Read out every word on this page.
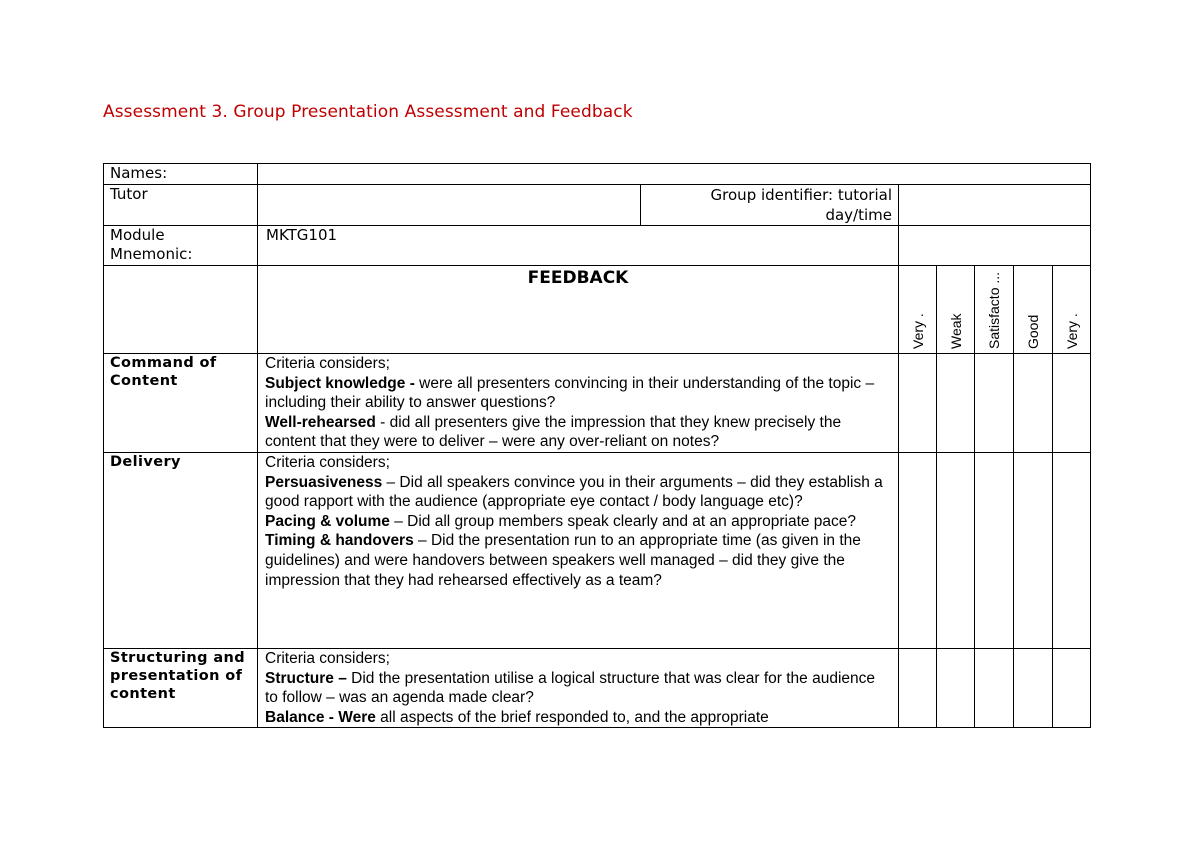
Assessment 3. Group Presentation Assessment and Feedback
Names:
Tutor	Group identifier: tutorial day/time
Module Mnemonic:
MKTG101
FEEDBACK
Very . Weak Satisfacto ... Good Very .
Command of Content
Criteria considers;
Subject knowledge - were all presenters convincing in their understanding of the topic – including their ability to answer questions?
Well-rehearsed - did all presenters give the impression that they knew precisely the content that they were to deliver – were any over-reliant on notes?
Delivery	Criteria considers;
Persuasiveness – Did all speakers convince you in their arguments – did they establish a good rapport with the audience (appropriate eye contact / body language etc)?
Pacing & volume – Did all group members speak clearly and at an appropriate pace?
Timing & handovers – Did the presentation run to an appropriate time (as given in the guidelines) and were handovers between speakers well managed – did they give the impression that they had rehearsed effectively as a team?
Structuring and presentation of content
Criteria considers;
Structure – Did the presentation utilise a logical structure that was clear for the audience to follow – was an agenda made clear?
Balance - Were all aspects of the brief responded to, and the appropriate
